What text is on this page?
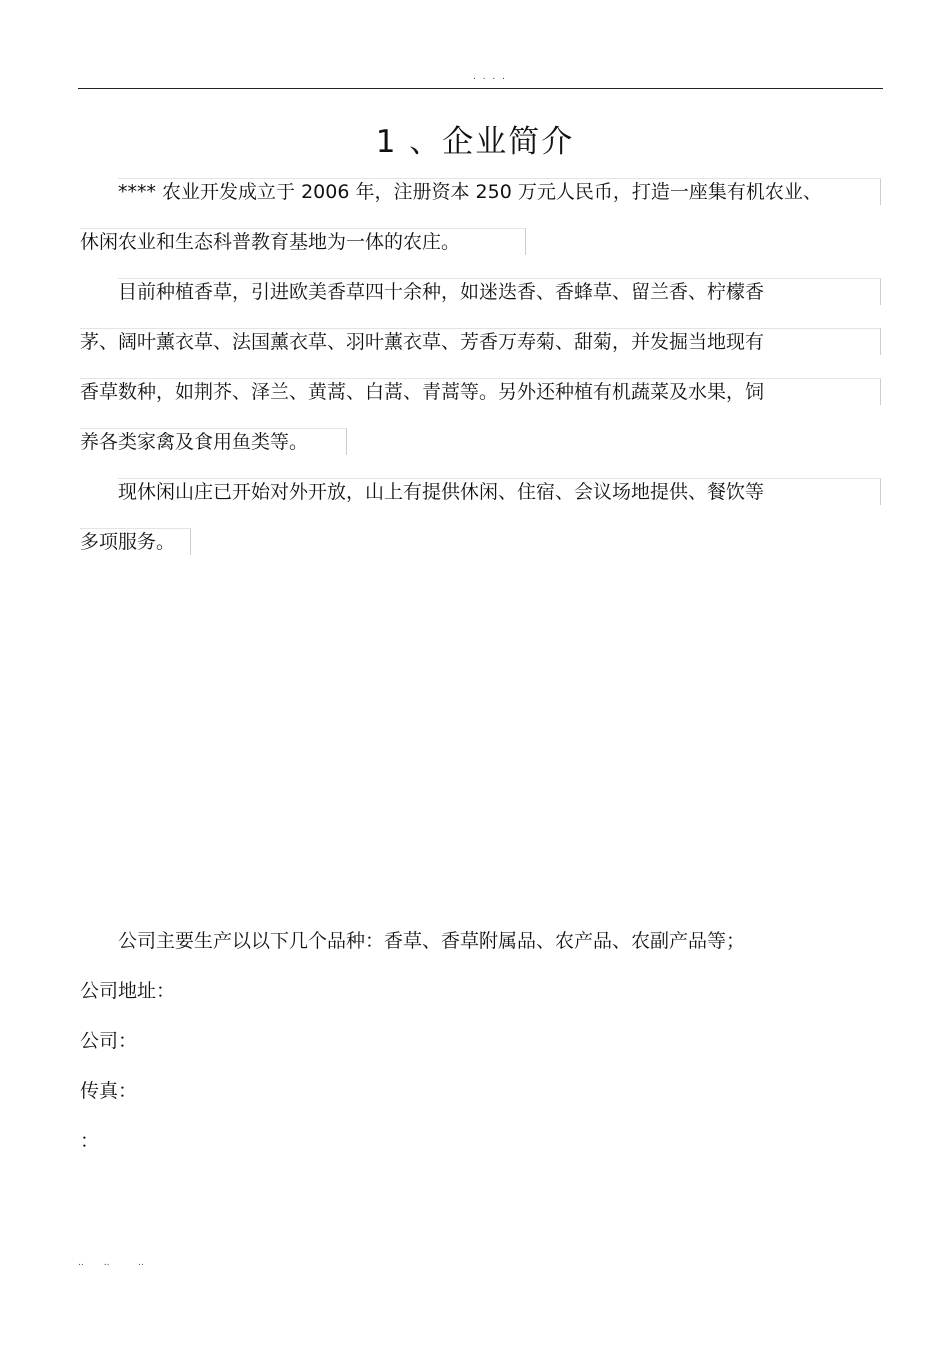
. . . .
1 、企业简介
**** 农业开发成立于 2006 年，注册资本 250 万元人民币，打造一座集有机农业、
休闲农业和生态科普教育基地为一体的农庄。
目前种植香草，引进欧美香草四十余种，如迷迭香、香蜂草、留兰香、柠檬香
茅、阔叶薰衣草、法国薰衣草、羽叶薰衣草、芳香万寿菊、甜菊，并发掘当地现有
香草数种，如荆芥、泽兰、黄蒿、白蒿、青蒿等。另外还种植有机蔬菜及水果，饲
养各类家禽及食用鱼类等。
现休闲山庄已开始对外开放，山上有提供休闲、住宿、会议场地提供、餐饮等
多项服务。
公司主要生产以以下几个品种：香草、香草附属品、农产品、农副产品等；
公司地址：
公司：
传真：
：
..       ..          ..
